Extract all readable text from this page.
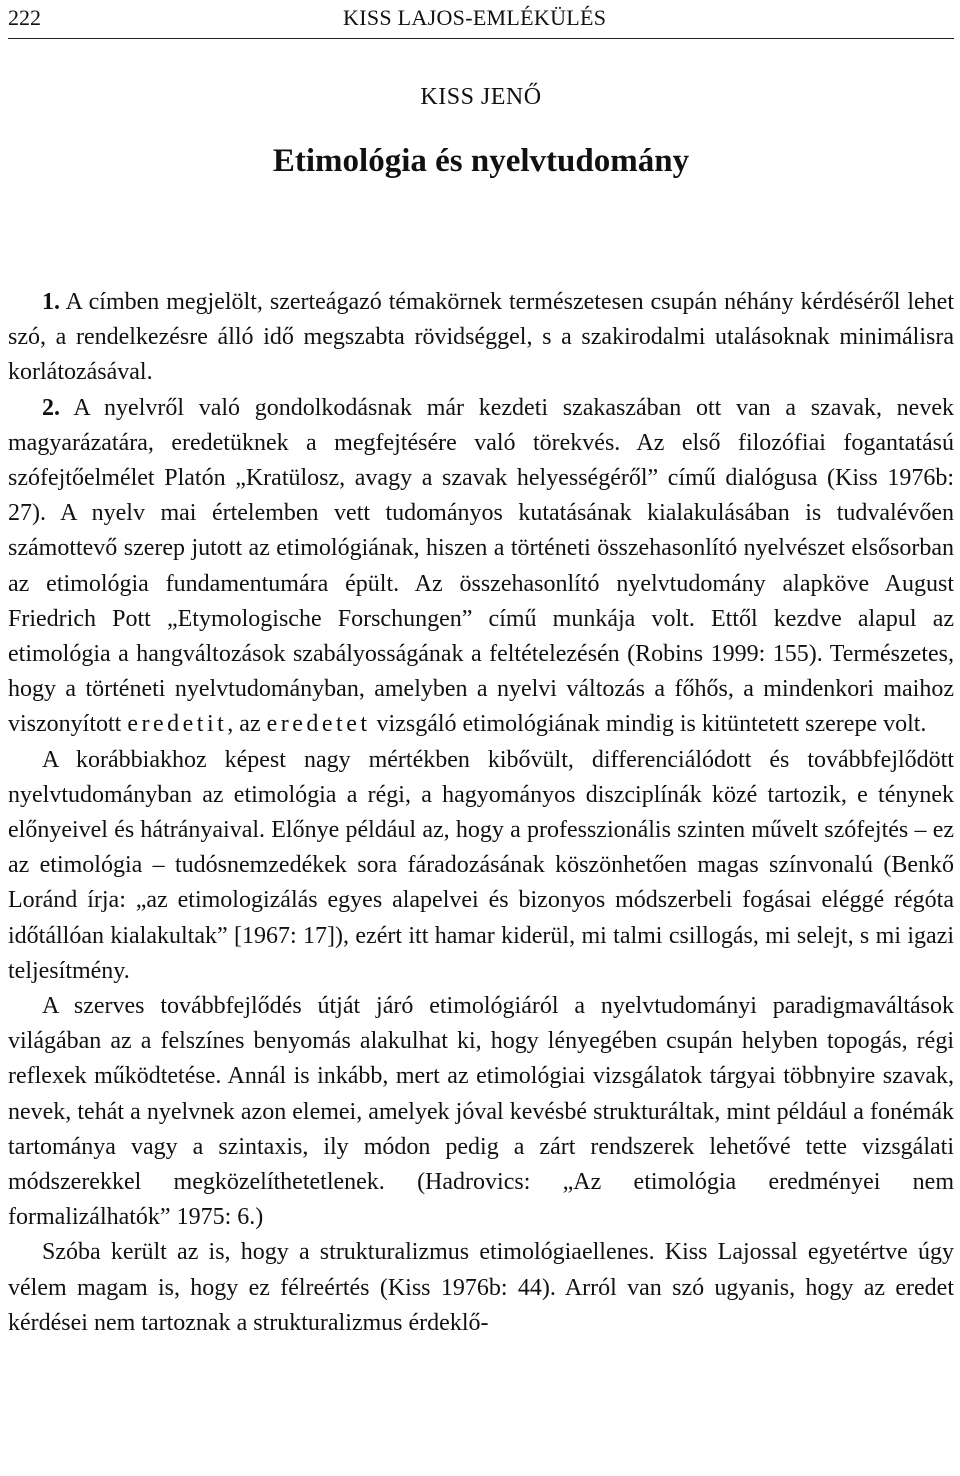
222	KISS LAJOS-EMLÉKÜLÉS
KISS JENŐ
Etimológia és nyelvtudomány

1. A címben megjelölt, szerteágazó témakörnek természetesen csupán néhány kérdéséről lehet szó, a rendelkezésre álló idő megszabta rövidséggel, s a szakirodalmi utalásoknak minimálisra korlátozásával.

2. A nyelvről való gondolkodásnak már kezdeti szakaszában ott van a szavak, nevek magyarázatára, eredetüknek a megfejtésére való törekvés. Az első filozófiai fogantatású szófejtőelmélet Platón „Kratülosz, avagy a szavak helyességéről” című dialógusa (Kiss 1976b: 27). A nyelv mai értelemben vett tudományos kutatásának kialakulásában is tudvalévően számottevő szerep jutott az etimológiának, hiszen a történeti összehasonlító nyelvészet elsősorban az etimológia fundamentumára épült. Az összehasonlító nyelvtudomány alapköve August Friedrich Pott „Etymologische Forschungen” című munkája volt. Ettől kezdve alapul az etimológia a hangváltozások szabályosságának a feltételezésén (Robins 1999: 155). Természetes, hogy a történeti nyelvtudományban, amelyben a nyelvi változás a főhős, a mindenkori maihoz viszonyított eredetit, az eredetet vizsgáló etimológiának mindig is kitüntetett szerepe volt.

A korábbiakhoz képest nagy mértékben kibővült, differenciálódott és továbbfejlődött nyelvtudományban az etimológia a régi, a hagyományos diszciplínák közé tartozik, e ténynek előnyeivel és hátrányaival. Előnye például az, hogy a professzionális szinten művelt szófejtés – ez az etimológia – tudósnemzedékek sora fáradozásának köszönhetően magas színvonalú (Benkő Loránd írja: „az etimologizálás egyes alapelvei és bizonyos módszerbeli fogásai eléggé régóta időtállóan kialakultak” [1967: 17]), ezért itt hamar kiderül, mi talmi csillogás, mi selejt, s mi igazi teljesítmény.

A szerves továbbfejlődés útját járó etimológiáról a nyelvtudományi paradigmaváltások világában az a felszínes benyomás alakulhat ki, hogy lényegében csupán helyben topogás, régi reflexek működtetése. Annál is inkább, mert az etimológiai vizsgálatok tárgyai többnyire szavak, nevek, tehát a nyelvnek azon elemei, amelyek jóval kevésbé strukturáltak, mint például a fonémák tartománya vagy a szintaxis, ily módon pedig a zárt rendszerek lehetővé tette vizsgálati módszerekkel megközelíthetetlenek. (Hadrovics: „Az etimológia eredményei nem formalizálhatók” 1975: 6.)

Szóba került az is, hogy a strukturalizmus etimológiaellenes. Kiss Lajossal egyetértve úgy vélem magam is, hogy ez félreértés (Kiss 1976b: 44). Arról van szó ugyanis, hogy az eredet kérdései nem tartoznak a strukturalizmus érdeklő-
